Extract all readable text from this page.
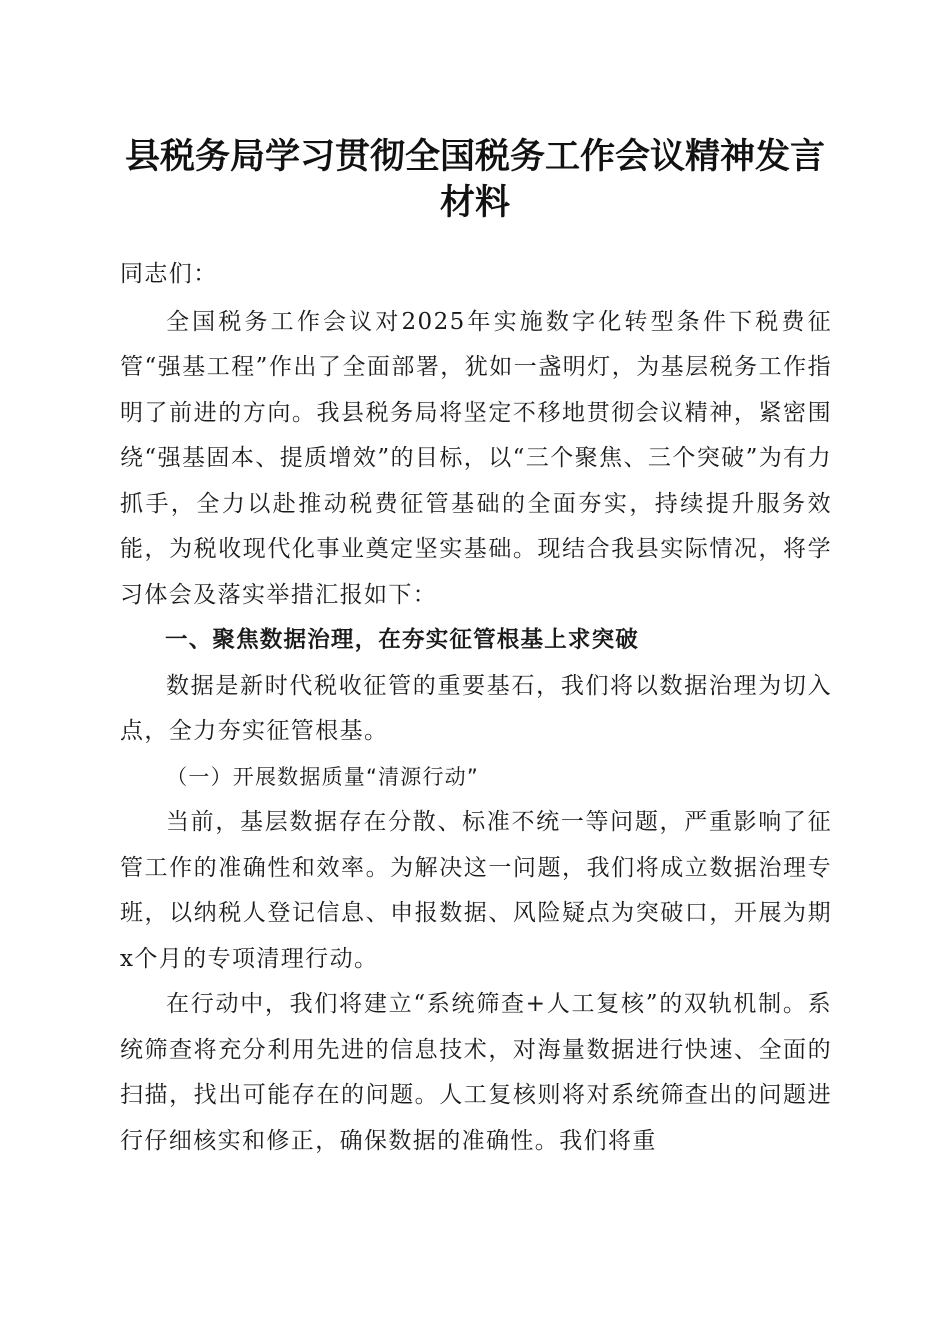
县税务局学习贯彻全国税务工作会议精神发言
材料

同志们：

全国税务工作会议对2025年实施数字化转型条件下税费征管“强基工程”作出了全面部署，犹如一盏明灯，为基层税务工作指明了前进的方向。我县税务局将坚定不移地贯彻会议精神，紧密围绕“强基固本、提质增效”的目标，以“三个聚焦、三个突破”为有力抓手，全力以赴推动税费征管基础的全面夯实，持续提升服务效能，为税收现代化事业奠定坚实基础。现结合我县实际情况，将学习体会及落实举措汇报如下：

一、聚焦数据治理，在夯实征管根基上求突破

数据是新时代税收征管的重要基石，我们将以数据治理为切入点，全力夯实征管根基。

（一）开展数据质量“清源行动”

当前，基层数据存在分散、标准不统一等问题，严重影响了征管工作的准确性和效率。为解决这一问题，我们将成立数据治理专班，以纳税人登记信息、申报数据、风险疑点为突破口，开展为期x个月的专项清理行动。

在行动中，我们将建立“系统筛查+人工复核”的双轨机制。系统筛查将充分利用先进的信息技术，对海量数据进行快速、全面的扫描，找出可能存在的问题。人工复核则将对系统筛查出的问题进行仔细核实和修正，确保数据的准确性。我们将重
